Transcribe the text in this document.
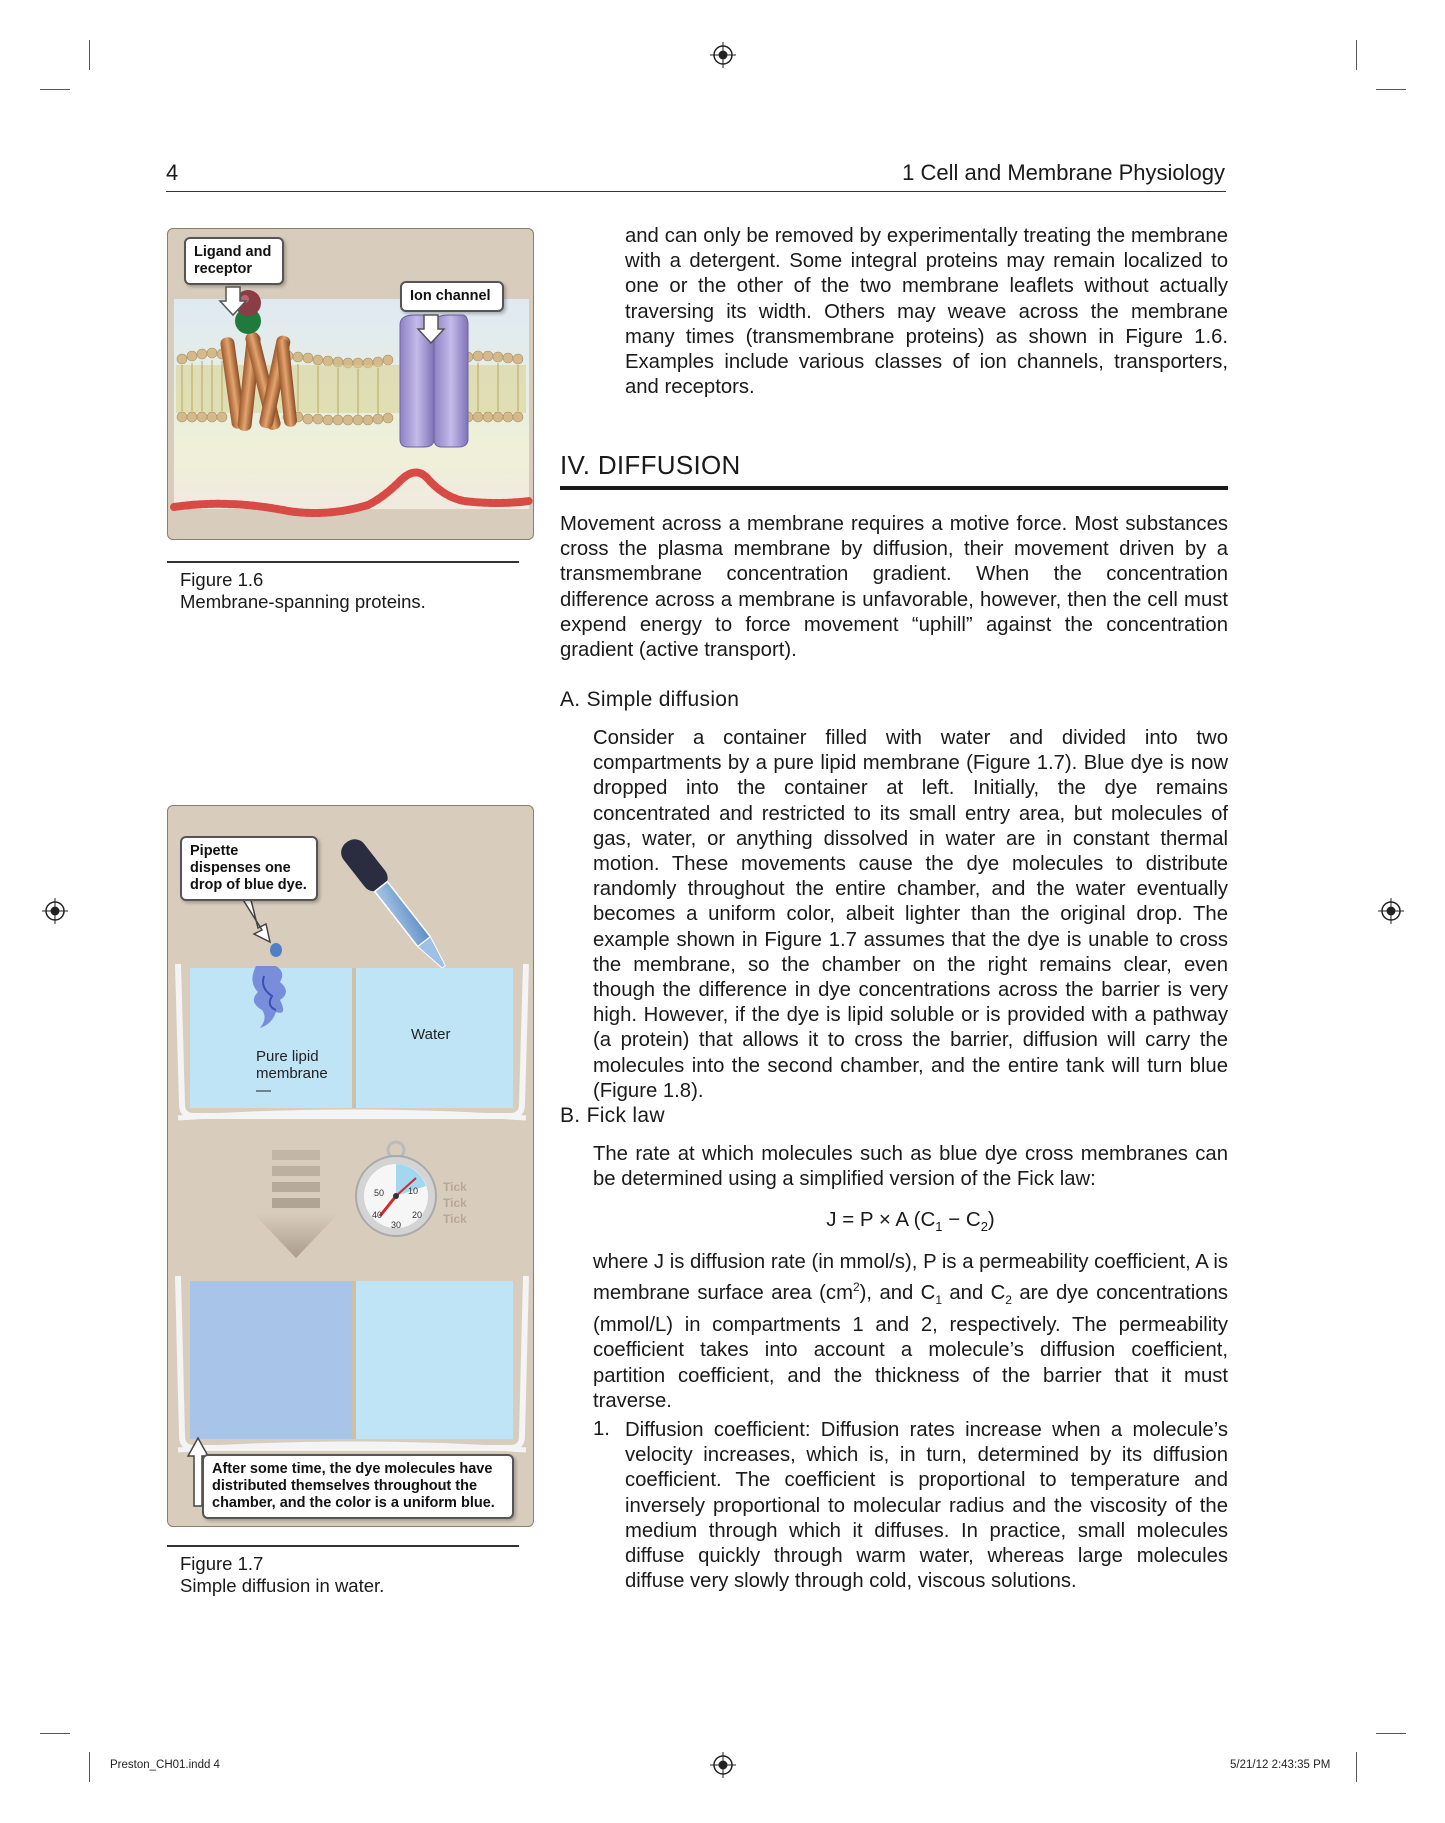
4	1 Cell and Membrane Physiology
Ligand and receptor
Ion channel
Figure 1.6
Membrane-spanning proteins.
Pipette dispenses one drop of blue dye.
Pure lipid membrane —
Water
50	10
40	20
30
Tick
Tick
Tick
After some time, the dye molecules have distributed themselves throughout the chamber, and the color is a uniform blue.
Figure 1.7
Simple diffusion in water.
and can only be removed by experimentally treating the membrane with a detergent. Some integral proteins may remain localized to one or the other of the two membrane leaflets without actually traversing its width. Others may weave across the membrane many times (transmembrane proteins) as shown in Figure 1.6. Examples include various classes of ion channels, transporters, and receptors.
IV. DIFFUSION
Movement across a membrane requires a motive force. Most substances cross the plasma membrane by diffusion, their movement driven by a transmembrane concentration gradient. When the concentration difference across a membrane is unfavorable, however, then the cell must expend energy to force movement “uphill” against the concentration gradient (active transport).
A. Simple diffusion
Consider a container filled with water and divided into two compartments by a pure lipid membrane (Figure 1.7). Blue dye is now dropped into the container at left. Initially, the dye remains concentrated and restricted to its small entry area, but molecules of gas, water, or anything dissolved in water are in constant thermal motion. These movements cause the dye molecules to distribute randomly throughout the entire chamber, and the water eventually becomes a uniform color, albeit lighter than the original drop. The example shown in Figure 1.7 assumes that the dye is unable to cross the membrane, so the chamber on the right remains clear, even though the difference in dye concentrations across the barrier is very high. However, if the dye is lipid soluble or is provided with a pathway (a protein) that allows it to cross the barrier, diffusion will carry the molecules into the second chamber, and the entire tank will turn blue (Figure 1.8).
B. Fick law
The rate at which molecules such as blue dye cross membranes can be determined using a simplified version of the Fick law:
J = P × A $(C_1 - C_2)$
where J is diffusion rate (in mmol/s), P is a permeability coefficient, A is membrane surface area $(cm^2)$, and $C_1$ and $C_2$ are dye concentrations (mmol/L) in compartments 1 and 2, respectively. The permeability coefficient takes into account a molecule’s diffusion coefficient, partition coefficient, and the thickness of the barrier that it must traverse.
1. Diffusion coefficient: Diffusion rates increase when a molecule’s velocity increases, which is, in turn, determined by its diffusion coefficient. The coefficient is proportional to temperature and inversely proportional to molecular radius and the viscosity of the medium through which it diffuses. In practice, small molecules diffuse quickly through warm water, whereas large molecules diffuse very slowly through cold, viscous solutions.
Preston_CH01.indd 4	5/21/12 2:43:35 PM
